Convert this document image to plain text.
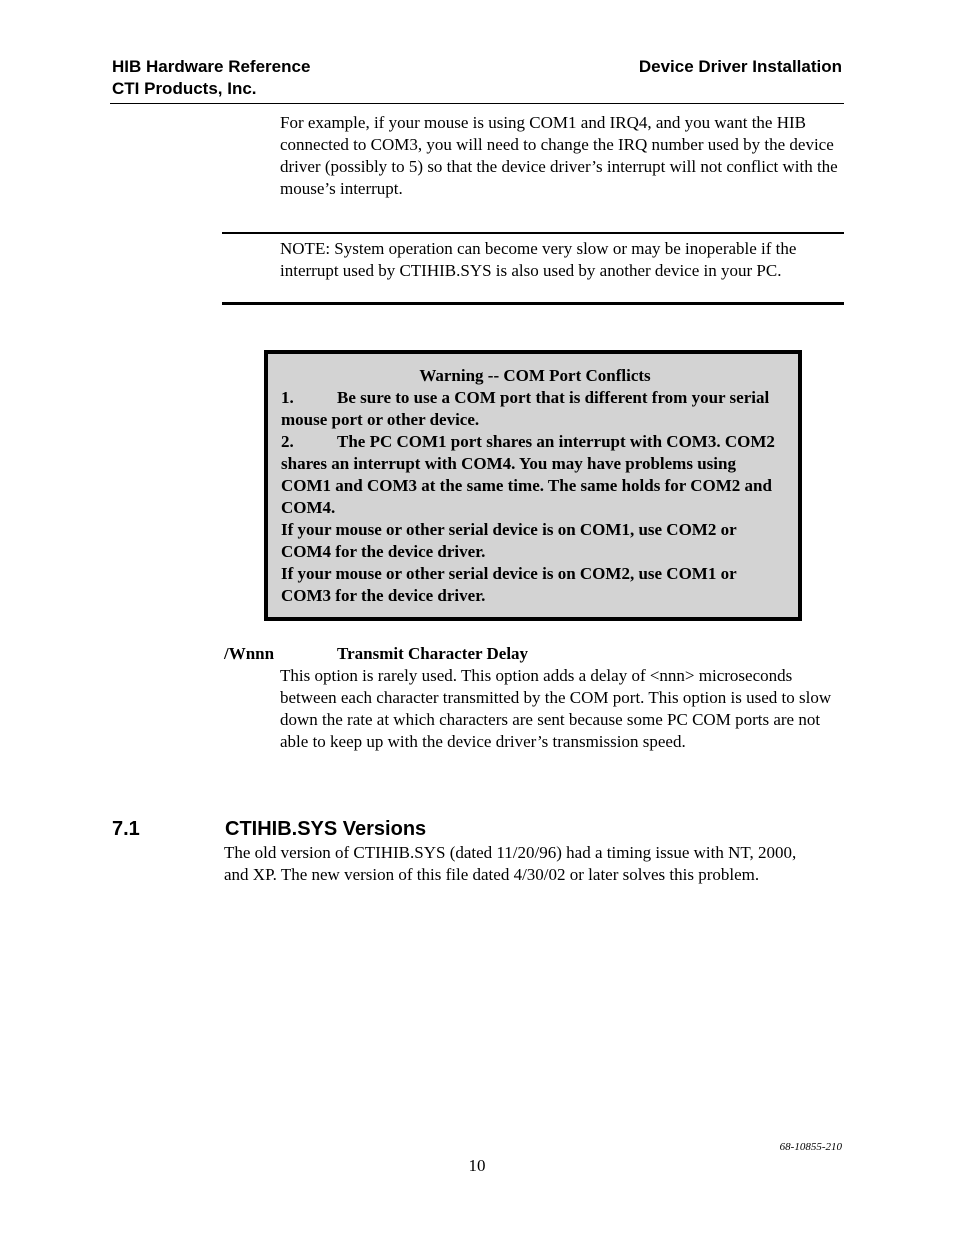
HIB Hardware Reference
CTI Products, Inc.
Device Driver Installation
For example, if your mouse is using COM1 and IRQ4, and you want the HIB connected to COM3, you will need to change the IRQ number used by the device driver (possibly to 5) so that the device driver’s interrupt will not conflict with the mouse’s interrupt.
NOTE: System operation can become very slow or may be inoperable if the interrupt used by CTIHIB.SYS is also used by another device in your PC.
Warning -- COM Port Conflicts
1.	Be sure to use a COM port that is different from your serial mouse port or other device.
2.	The PC COM1 port shares an interrupt with COM3. COM2 shares an interrupt with COM4. You may have problems using COM1 and COM3 at the same time. The same holds for COM2 and COM4.
If your mouse or other serial device is on COM1, use COM2 or COM4 for the device driver.
If your mouse or other serial device is on COM2, use COM1 or COM3 for the device driver.
/Wnnn	Transmit Character Delay
This option is rarely used. This option adds a delay of <nnn> microseconds between each character transmitted by the COM port. This option is used to slow down the rate at which characters are sent because some PC COM ports are not able to keep up with the device driver’s transmission speed.
7.1	CTIHIB.SYS Versions
The old version of CTIHIB.SYS (dated 11/20/96) had a timing issue with NT, 2000, and XP. The new version of this file dated 4/30/02 or later solves this problem.
68-10855-210
10
